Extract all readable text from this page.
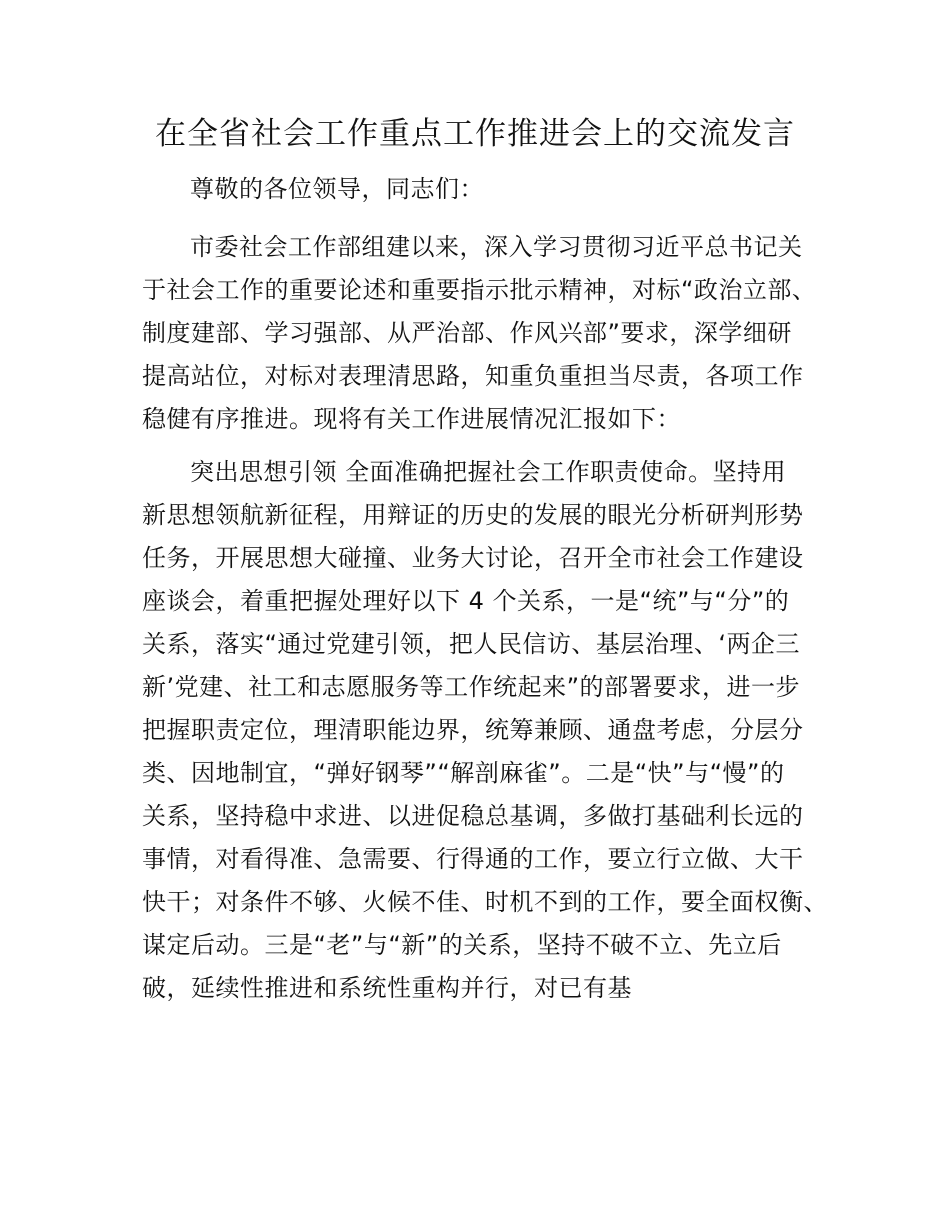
在全省社会工作重点工作推进会上的交流发言

尊敬的各位领导，同志们：

市委社会工作部组建以来，深入学习贯彻习近平总书记关

于社会工作的重要论述和重要指示批示精神，对标“政治立部、

制度建部、学习强部、从严治部、作风兴部”要求，深学细研

提高站位，对标对表理清思路，知重负重担当尽责，各项工作

稳健有序推进。现将有关工作进展情况汇报如下：

突出思想引领 全面准确把握社会工作职责使命。坚持用

新思想领航新征程，用辩证的历史的发展的眼光分析研判形势

任务，开展思想大碰撞、业务大讨论，召开全市社会工作建设

座谈会，着重把握处理好以下 4 个关系，一是“统”与“分”的

关系，落实“通过党建引领，把人民信访、基层治理、‘两企三

新’党建、社工和志愿服务等工作统起来”的部署要求，进一步

把握职责定位，理清职能边界，统筹兼顾、通盘考虑，分层分

类、因地制宜，“弹好钢琴”“解剖麻雀”。二是“快”与“慢”的

关系，坚持稳中求进、以进促稳总基调，多做打基础利长远的

事情，对看得准、急需要、行得通的工作，要立行立做、大干

快干；对条件不够、火候不佳、时机不到的工作，要全面权衡、

谋定后动。三是“老”与“新”的关系，坚持不破不立、先立后

破，延续性推进和系统性重构并行，对已有基
